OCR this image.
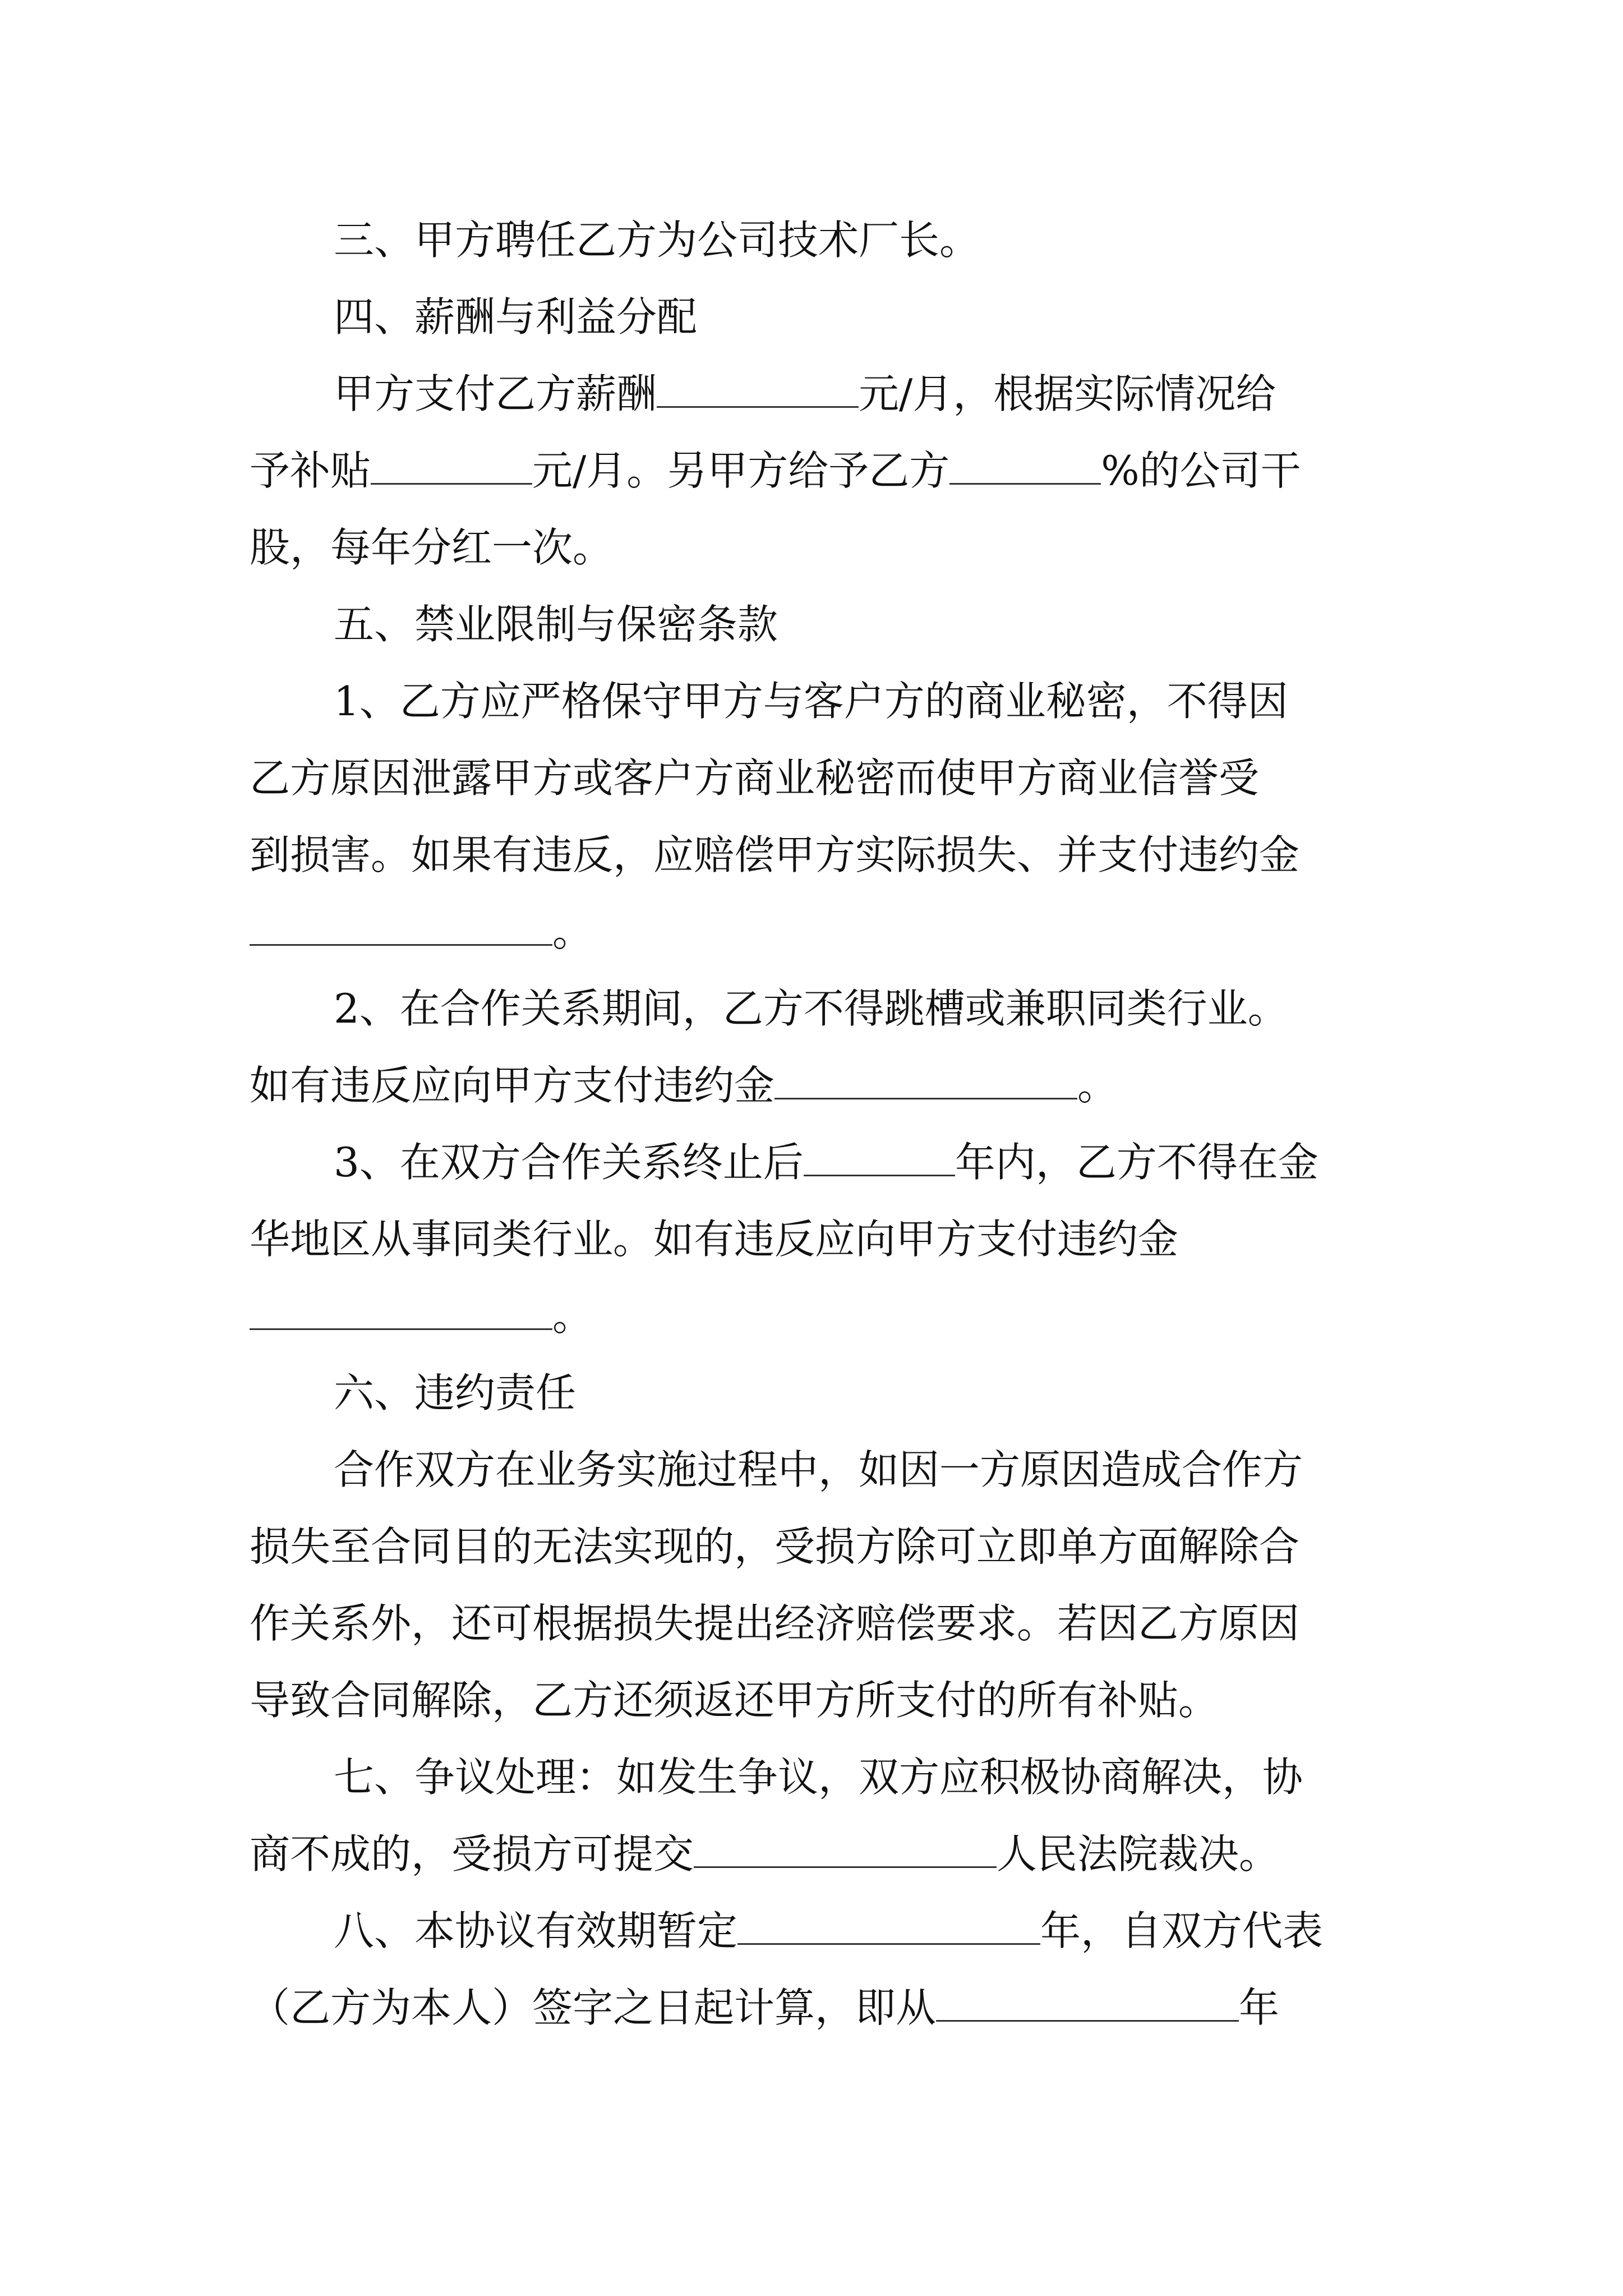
三、甲方聘任乙方为公司技术厂长。
四、薪酬与利益分配
甲方支付乙方薪酬	元/月，根据实际情况给
予补贴	元/月。另甲方给予乙方	%的公司干
股，每年分红一次。
五、禁业限制与保密条款
1、乙方应严格保守甲方与客户方的商业秘密，不得因
乙方原因泄露甲方或客户方商业秘密而使甲方商业信誉受
到损害。如果有违反，应赔偿甲方实际损失、并支付违约金
。
2、在合作关系期间，乙方不得跳槽或兼职同类行业。
如有违反应向甲方支付违约金	。
3、在双方合作关系终止后	年内，乙方不得在金
华地区从事同类行业。如有违反应向甲方支付违约金
。
六、违约责任
合作双方在业务实施过程中，如因一方原因造成合作方
损失至合同目的无法实现的，受损方除可立即单方面解除合
作关系外，还可根据损失提出经济赔偿要求。若因乙方原因
导致合同解除，乙方还须返还甲方所支付的所有补贴。
七、争议处理：如发生争议，双方应积极协商解决，协
商不成的，受损方可提交	人民法院裁决。
八、本协议有效期暂定	年，自双方代表
（乙方为本人）签字之日起计算，即从	年
